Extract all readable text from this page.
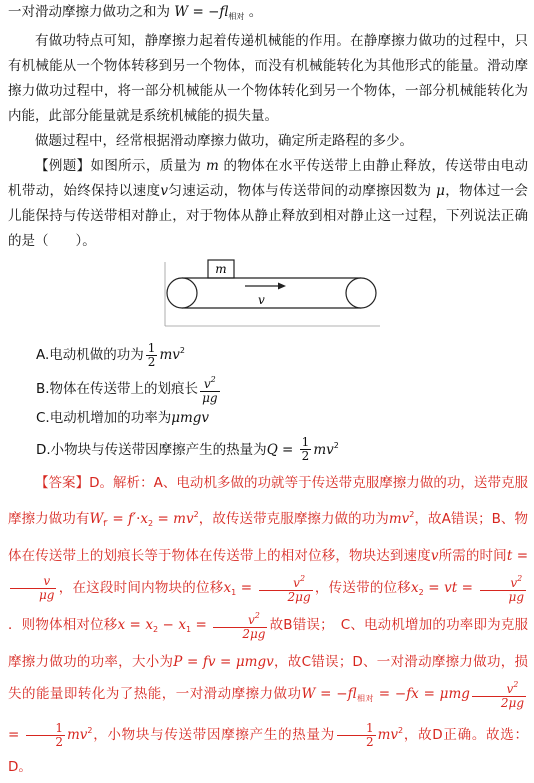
一对滑动摩擦力做功之和为 $W = -fl_{相对}$ 。

有做功特点可知，静摩擦力起着传递机械能的作用。在静摩擦力做功的过程中，只有机械能从一个物体转移到另一个物体，而没有机械能转化为其他形式的能量。滑动摩擦力做功过程中，将一部分机械能从一个物体转化到另一个物体，一部分机械能转化为内能，此部分能量就是系统机械能的损失量。

做题过程中，经常根据滑动摩擦力做功，确定所走路程的多少。

【例题】如图所示，质量为 m 的物体在水平传送带上由静止释放，传送带由电动机带动，始终保持以速度v匀速运动，物体与传送带间的动摩擦因数为 μ，物体过一会儿能保持与传送带相对静止，对于物体从静止释放到相对静止这一过程，下列说法正确的是（　　）。

m
v

A.电动机做的功为 $\frac{1}{2} mv^2$

B.物体在传送带上的划痕长 $\frac{v^2}{\mu g}$

C.电动机增加的功率为μmgv

D.小物块与传送带因摩擦产生的热量为$Q = \frac{1}{2} mv^2$

【答案】D。解析：A、电动机多做的功就等于传送带克服摩擦力做的功，送带克服摩擦力做功有$W_{f'} = f'\cdot x_2 = mv^2$，故传送带克服摩擦力做的功为$mv^2$，故A错误；B、物体在传送带上的划痕长等于物体在传送带上的相对位移，物块达到速度v所需的时间t =
$\frac{v}{\mu g}$ ，在这段时间内物块的位移$x_1 = \frac{v^2}{2\mu g}$ ，传送带的位移$x_2$ = vt = $\frac{v^2}{\mu g}$
．则物体相对位移$x = x_2 - x_1 = \frac{v^2}{2\mu g}$ 故B错误；　C、电动机增加的功率即为克服摩擦力做功的功率，大小为P = fv = μmgv，故C错误；D、一对滑动摩擦力做功，损失的能量即转化为了热能，一对滑动摩擦力做功$W = -fl_{相对} = -fx = \mu mg \frac{v^2}{2\mu g}$
= $\frac{1}{2} mv^2$，小物块与传送带因摩擦产生的热量为 $\frac{1}{2} mv^2$，故D正确。故选：D。
